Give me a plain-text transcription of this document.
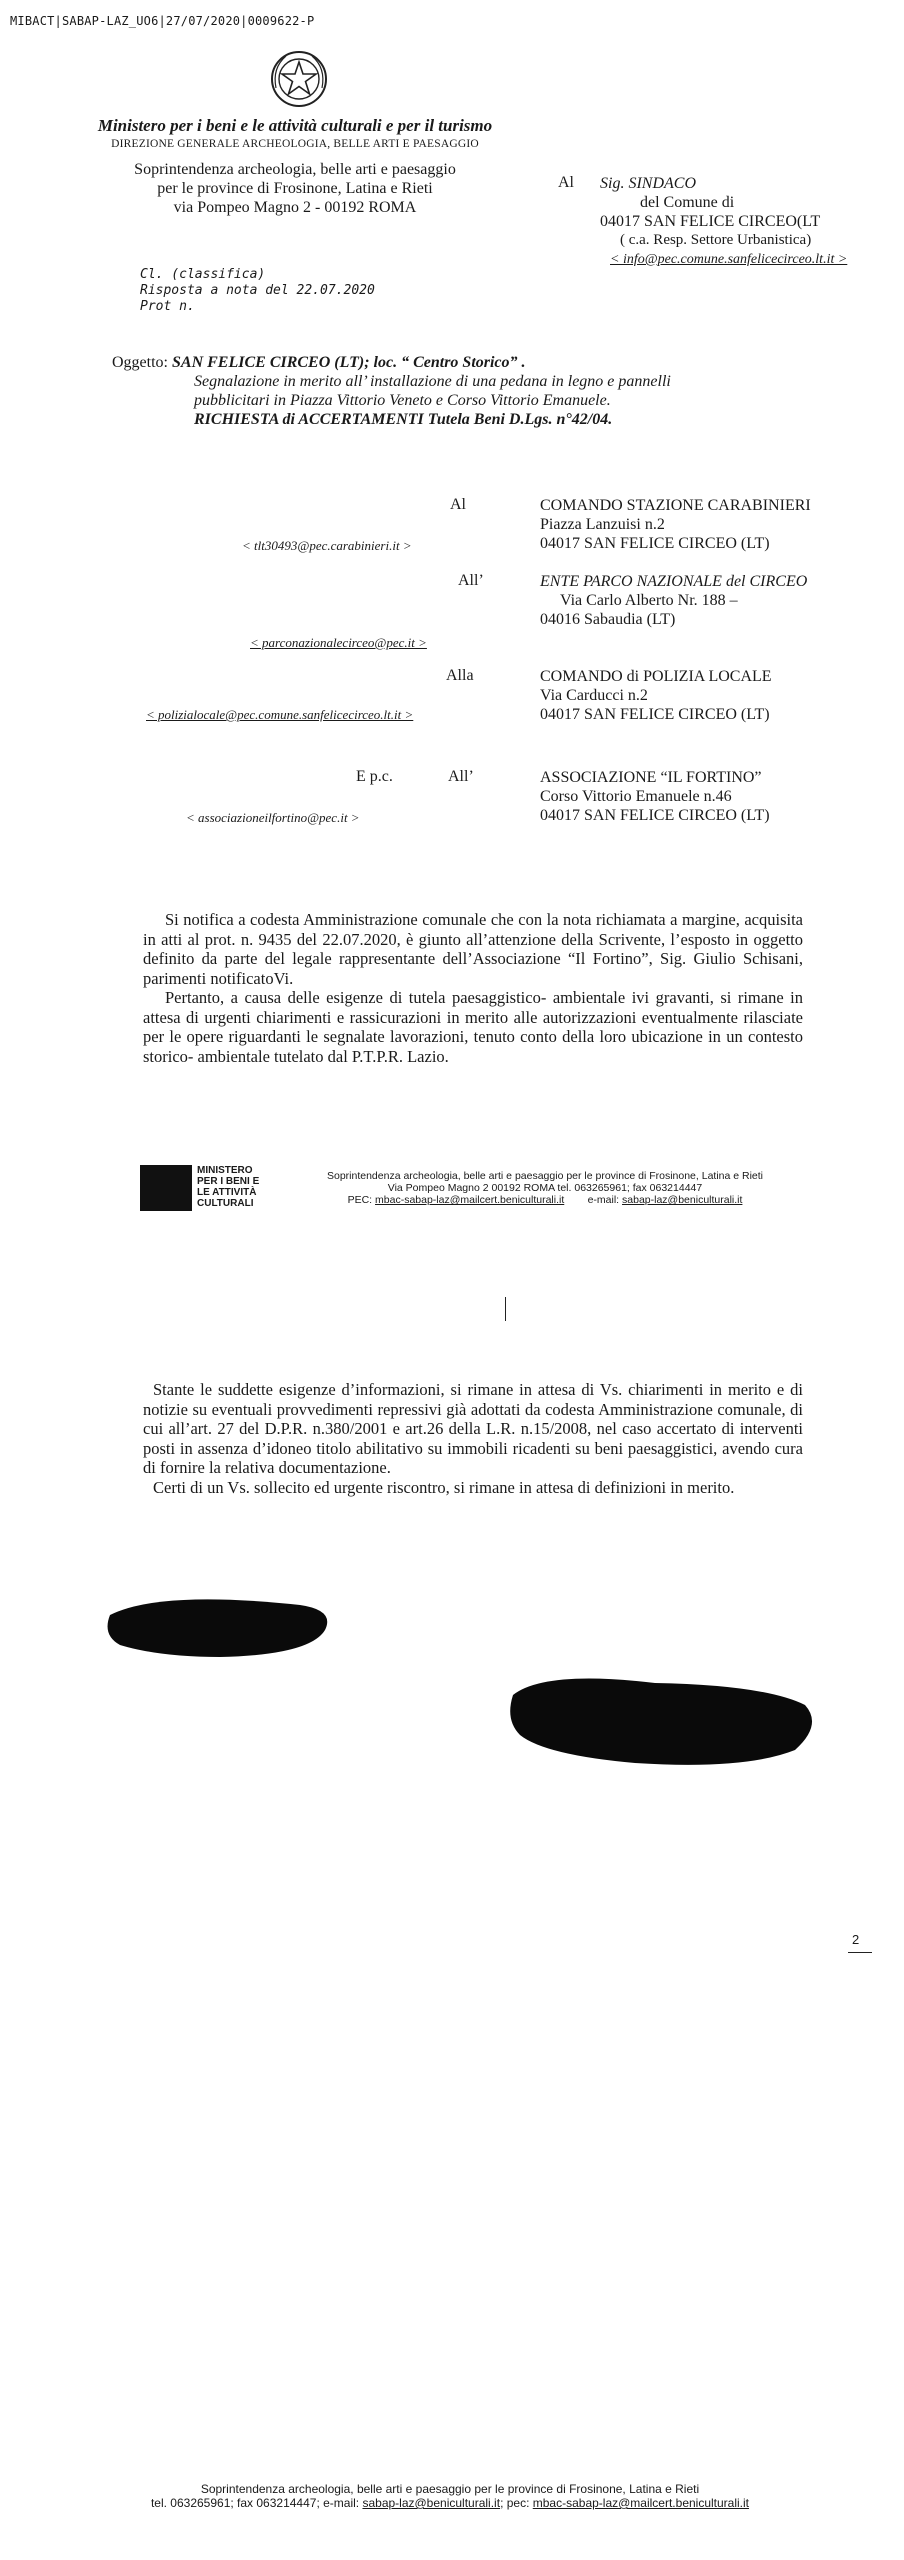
MIBACT|SABAP-LAZ_UO6|27/07/2020|0009622-P
Ministero per i beni e le attività culturali e per il turismo
DIREZIONE GENERALE ARCHEOLOGIA, BELLE ARTI E PAESAGGIO
Soprintendenza archeologia, belle arti e paesaggio
per le province di Frosinone, Latina e Rieti
via Pompeo Magno 2 - 00192 ROMA
Al Sig. SINDACO
del Comune di
04017 SAN FELICE CIRCEO(LT
( c.a. Resp. Settore Urbanistica)
< info@pec.comune.sanfelicecirceo.lt.it >
Cl. (classifica)
Risposta a nota del 22.07.2020
Prot n.
Oggetto: SAN FELICE CIRCEO (LT); loc. “ Centro Storico” .
Segnalazione in merito all’ installazione di una pedana in legno e pannelli
pubblicitari in Piazza Vittorio Veneto e Corso Vittorio Emanuele.
RICHIESTA di ACCERTAMENTI Tutela Beni D.Lgs. n°42/04.
Al	COMANDO STAZIONE CARABINIERI
Piazza Lanzuisi n.2
04017 SAN FELICE CIRCEO (LT)
< tlt30493@pec.carabinieri.it >
All’	ENTE PARCO NAZIONALE del CIRCEO
Via Carlo Alberto Nr. 188 –
04016 Sabaudia (LT)
< parconazionalecirceo@pec.it >
Alla	COMANDO di POLIZIA LOCALE
Via Carducci n.2
04017 SAN FELICE CIRCEO (LT)
< polizialocale@pec.comune.sanfelicecirceo.lt.it >
E p.c.	All’	ASSOCIAZIONE “IL FORTINO”
Corso Vittorio Emanuele n.46
04017 SAN FELICE CIRCEO (LT)
< associazioneilfortino@pec.it >
Si notifica a codesta Amministrazione comunale che con la nota richiamata a margine, acquisita in atti al prot. n. 9435 del 22.07.2020, è giunto all’attenzione della Scrivente, l’esposto in oggetto definito da parte del legale rappresentante dell’Associazione “Il Fortino”, Sig. Giulio Schisani, parimenti notificatoVi.
Pertanto, a causa delle esigenze di tutela paesaggistico- ambientale ivi gravanti, si rimane in attesa di urgenti chiarimenti e rassicurazioni in merito alle autorizzazioni eventualmente rilasciate per le opere riguardanti le segnalate lavorazioni, tenuto conto della loro ubicazione in un contesto storico- ambientale tutelato dal P.T.P.R. Lazio.
MINISTERO
PER I BENI E
LE ATTIVITÀ
CULTURALI
Soprintendenza archeologia, belle arti e paesaggio per le province di Frosinone, Latina e Rieti
Via Pompeo Magno 2 00192 ROMA tel. 063265961; fax 063214447
PEC: mbac-sabap-laz@mailcert.beniculturali.it e-mail: sabap-laz@beniculturali.it
Stante le suddette esigenze d’informazioni, si rimane in attesa di Vs. chiarimenti in merito e di notizie su eventuali provvedimenti repressivi già adottati da codesta Amministrazione comunale, di cui all’art. 27 del D.P.R. n.380/2001 e art.26 della L.R. n.15/2008, nel caso accertato di interventi posti in assenza d’idoneo titolo abilitativo su immobili ricadenti su beni paesaggistici, avendo cura di fornire la relativa documentazione.
Certi di un Vs. sollecito ed urgente riscontro, si rimane in attesa di definizioni in merito.
2
Soprintendenza archeologia, belle arti e paesaggio per le province di Frosinone, Latina e Rieti
tel. 063265961; fax 063214447; e-mail: sabap-laz@beniculturali.it; pec: mbac-sabap-laz@mailcert.beniculturali.it
